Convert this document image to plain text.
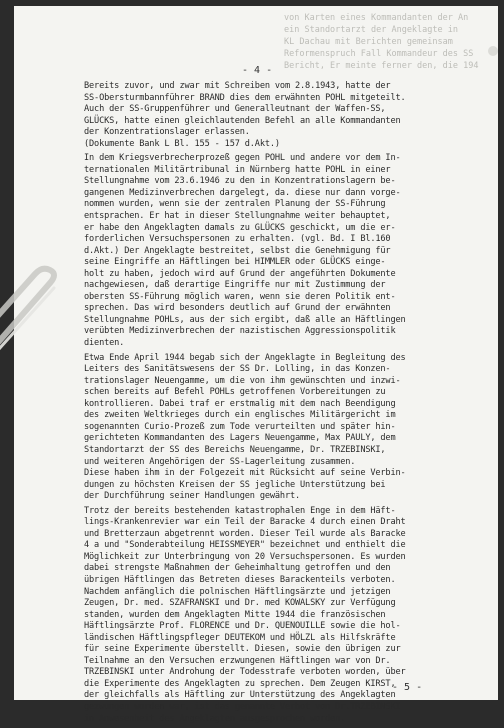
von Karten eines Kommandanten der An
ein Standortarzt der Angeklagte in
KL Dachau mit Berichten gemeinsam
Reformenspruch Fall Kommandeur des SS
Bericht, Er meinte ferner den, die 194
- 4 -
Bereits zuvor, und zwar mit Schreiben vom 2.8.1943, hatte der
SS-Obersturmbannführer BRAND dies dem erwähnten POHL mitgeteilt.
Auch der SS-Gruppenführer und Generalleutnant der Waffen-SS,
GLÜCKS, hatte einen gleichlautenden Befehl an alle Kommandanten
der Konzentrationslager erlassen.
(Dokumente Bank L Bl. 155 - 157 d.Akt.)
In dem Kriegsverbrecherprozeß gegen POHL und andere vor dem In-
ternationalen Militärtribunal in Nürnberg hatte POHL in einer
Stellungnahme vom 23.6.1946 zu den in Konzentrationslagern be-
gangenen Medizinverbrechen dargelegt, da. diese nur dann vorge-
nommen wurden, wenn sie der zentralen Planung der SS-Führung
entsprachen. Er hat in dieser Stellungnahme weiter behauptet,
er habe den Angeklagten damals zu GLÜCKS geschickt, um die er-
forderlichen Versuchspersonen zu erhalten. (vgl. Bd. I Bl.160
d.Akt.) Der Angeklagte bestreitet, selbst die Genehmigung für
seine Eingriffe an Häftlingen bei HIMMLER oder GLÜCKS einge-
holt zu haben, jedoch wird auf Grund der angeführten Dokumente
nachgewiesen, daß derartige Eingriffe nur mit Zustimmung der
obersten SS-Führung möglich waren, wenn sie deren Politik ent-
sprechen. Das wird besonders deutlich auf Grund der erwähnten
Stellungnahme POHLs, aus der sich ergibt, daß alle an Häftlingen
verübten Medizinverbrechen der nazistischen Aggressionspolitik
dienten.
Etwa Ende April 1944 begab sich der Angeklagte in Begleitung des
Leiters des Sanitätswesens der SS Dr. Lolling, in das Konzen-
trationslager Neuengamme, um die von ihm gewünschten und inzwi-
schen bereits auf Befehl POHLs getroffenen Vorbereitungen zu
kontrollieren. Dabei traf er erstmalig mit dem nach Beendigung
des zweiten Weltkrieges durch ein englisches Militärgericht im
sogenannten Curio-Prozeß zum Tode verurteilten und später hin-
gerichteten Kommandanten des Lagers Neuengamme, Max PAULY, dem
Standortarzt der SS des Bereichs Neuengamme, Dr. TRZEBINSKI,
und weiteren Angehörigen der SS-Lagerleitung zusammen.
Diese haben ihm in der Folgezeit mit Rücksicht auf seine Verbin-
dungen zu höchsten Kreisen der SS jegliche Unterstützung bei
der Durchführung seiner Handlungen gewährt.
Trotz der bereits bestehenden katastrophalen Enge in dem Häft-
lings-Krankenrevier war ein Teil der Baracke 4 durch einen Draht
und Bretterzaun abgetrennt worden. Dieser Teil wurde als Baracke
4 a und "Sonderabteilung HEISSMEYER" bezeichnet und enthielt die
Möglichkeit zur Unterbringung von 20 Versuchspersonen. Es wurden
dabei strengste Maßnahmen der Geheimhaltung getroffen und den
übrigen Häftlingen das Betreten dieses Barackenteils verboten.
Nachdem anfänglich die polnischen Häftlingsärzte und jetzigen
Zeugen, Dr. med. SZAFRANSKI und Dr. med KOWALSKY zur Verfügung
standen, wurden dem Angeklagten Mitte 1944 die französischen
Häftlingsärzte Prof. FLORENCE und Dr. QUENOUILLE sowie die hol-
ländischen Häftlingspfleger DEUTEKOM und HÖLZL als Hilfskräfte
für seine Experimente überstellt. Diesen, sowie den übrigen zur
Teilnahme an den Versuchen erzwungenen Häftlingen war von Dr.
TRZEBINSKI unter Androhung der Todesstrafe verboten worden, über
die Experimente des Angeklagten zu sprechen. Dem Zeugen KIRST,
der gleichfalls als Häftling zur Unterstützung des Angeklagten
gezwungen worden war, ist das genannte Verbot von Dr.TRZEBINSKI
in Anwesenheit des Angeklagten ausgesprochen worden.
- 5 -
